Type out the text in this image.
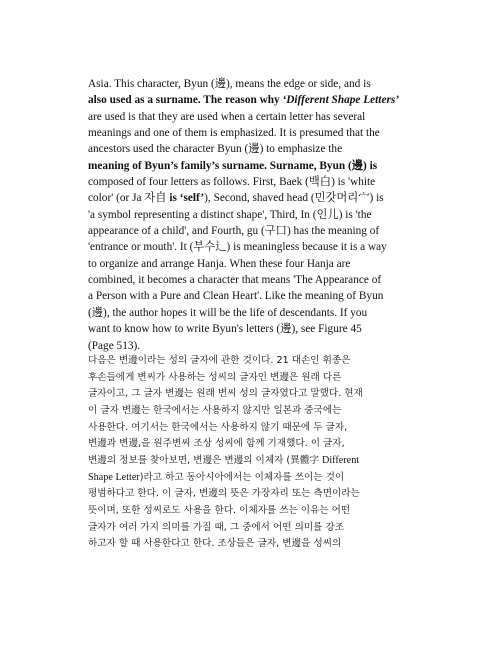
Asia. This character, Byun (邊), means the edge or side, and is
also used as a surname. The reason why ‘Different Shape Letters’
are used is that they are used when a certain letter has several
meanings and one of them is emphasized. It is presumed that the
ancestors used the character Byun (邊) to emphasize the
meaning of Byun’s family’s surname. Surname, Byun (邊) is
composed of four letters as follows. First, Baek (백白) is 'white
color' (or Ja 자自 is ‘self’), Second, shaved head (민갓머리宀) is
'a symbol representing a distinct shape', Third, In (인儿) is 'the
appearance of a child', and Fourth, gu (구口) has the meaning of
'entrance or mouth'. It (부수辶) is meaningless because it is a way
to organize and arrange Hanja. When these four Hanja are
combined, it becomes a character that means 'The Appearance of
a Person with a Pure and Clean Heart'. Like the meaning of Byun
(邊), the author hopes it will be the life of descendants. If you
want to know how to write Byun's letters (邊), see Figure 45
(Page 513).
다음은 변邊이라는 성의 글자에 관한 것이다. 21 대손인 휘종은
후손들에게 변씨가 사용하는 성씨의 글자인 변邊은 원래 다른
글자이고, 그 글자 변邊는 원래 변씨 성의 글자였다고 말했다. 현재
이 글자 변邊는 한국에서는 사용하지 않지만 일본과 중국에는
사용한다. 여기서는 한국에서는 사용하지 않기 때문에 두 글자,
변邊과 변邊,을 원주변씨 조상 성씨에 함께 기재했다. 이 글자,
변邊의 정보를 찾아보면, 변邊은 변邊의 이체자 (異體字 Different
Shape Letter)라고 하고 동아시아에서는 이체자를 쓰이는 것이
평범하다고 한다. 이 글자, 변邊의 뜻은 가장자리 또는 측면이라는
뜻이며, 또한 성씨로도 사용을 한다. 이체자를 쓰는 이유는 어떤
글자가 여러 가지 의미를 가질 때, 그 중에서 어떤 의미를 강조
하고자 할 때 사용한다고 한다. 조상들은 글자, 변邊을 성씨의
